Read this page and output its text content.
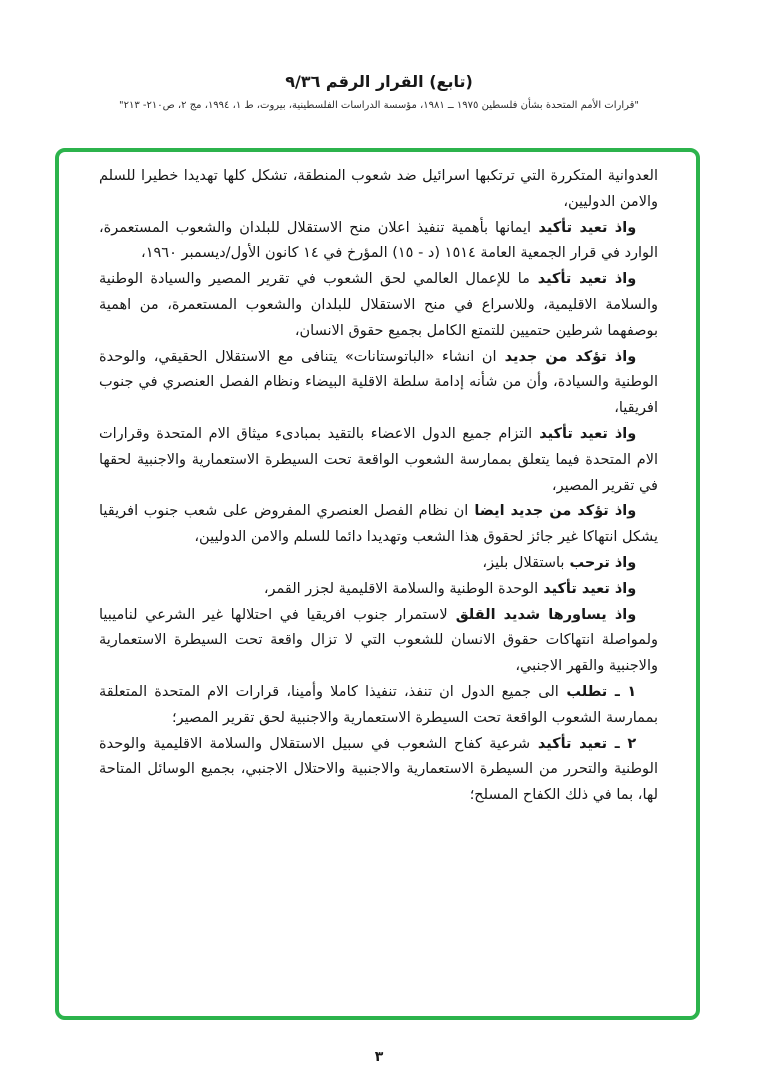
(تابع) القرار الرقم ٩/٣٦
"قرارات الأمم المتحدة بشأن فلسطين ١٩٧٥ ــ ١٩٨١، مؤسسة الدراسات الفلسطينية، بيروت، ط ١، ١٩٩٤، مج ٢، ص٢١٠- ٢١٣"

العدوانية المتكررة التي ترتكبها اسرائيل ضد شعوب المنطقة، تشكل كلها تهديدا خطيرا للسلم والامن الدوليين،

واذ تعيد تأكيدايمانها بأهمية تنفيذ اعلان منح الاستقلال للبلدان والشعوب المستعمرة، الوارد في قرار الجمعية العامة ١٥١٤ (د - ١٥) المؤرخ في ١٤ كانون الأول/ديسمبر ١٩٦٠،

واذ تعيد تأكيدما للإعمال العالمي لحق الشعوب في تقرير المصير والسيادة الوطنية والسلامة الاقليمية، وللاسراع في منح الاستقلال للبلدان والشعوب المستعمرة، من اهمية بوصفهما شرطين حتميين للتمتع الكامل بجميع حقوق الانسان،

واذ تؤكد من جديدان انشاء «الباتوستانات» يتنافى مع الاستقلال الحقيقي، والوحدة الوطنية والسيادة، وأن من شأنه إدامة سلطة الاقلية البيضاء ونظام الفصل العنصري في جنوب افريقيا،

واذ تعيد تأكيدالتزام جميع الدول الاعضاء بالتقيد بمبادىء ميثاق الام المتحدة وقرارات الام المتحدة فيما يتعلق بممارسة الشعوب الواقعة تحت السيطرة الاستعمارية والاجنبية لحقها في تقرير المصير،

واذ تؤكد من جديد ايضاان نظام الفصل العنصري المفروض على شعب جنوب افريقيا يشكل انتهاكا غير جائز لحقوق هذا الشعب وتهديدا دائما للسلم والامن الدوليين،

واذ ترحبباستقلال بليز،

واذ تعيد تأكيدالوحدة الوطنية والسلامة الاقليمية لجزر القمر،

واذ يساورها شديد القلقلاستمرار جنوب افريقيا في احتلالها غير الشرعي لناميبيا ولمواصلة انتهاكات حقوق الانسان للشعوب التي لا تزال واقعة تحت السيطرة الاستعمارية والاجنبية والقهر الاجنبي،

١ ـتطلبالى جميع الدول ان تنفذ، تنفيذا كاملا وأمينا، قرارات الام المتحدة المتعلقة بممارسة الشعوب الواقعة تحت السيطرة الاستعمارية والاجنبية لحق تقرير المصير؛

٢ ـتعيد تأكيدشرعية كفاح الشعوب في سبيل الاستقلال والسلامة الاقليمية والوحدة الوطنية والتحرر من السيطرة الاستعمارية والاجنبية والاحتلال الاجنبي، بجميع الوسائل المتاحة لها، بما في ذلك الكفاح المسلح؛

٣
